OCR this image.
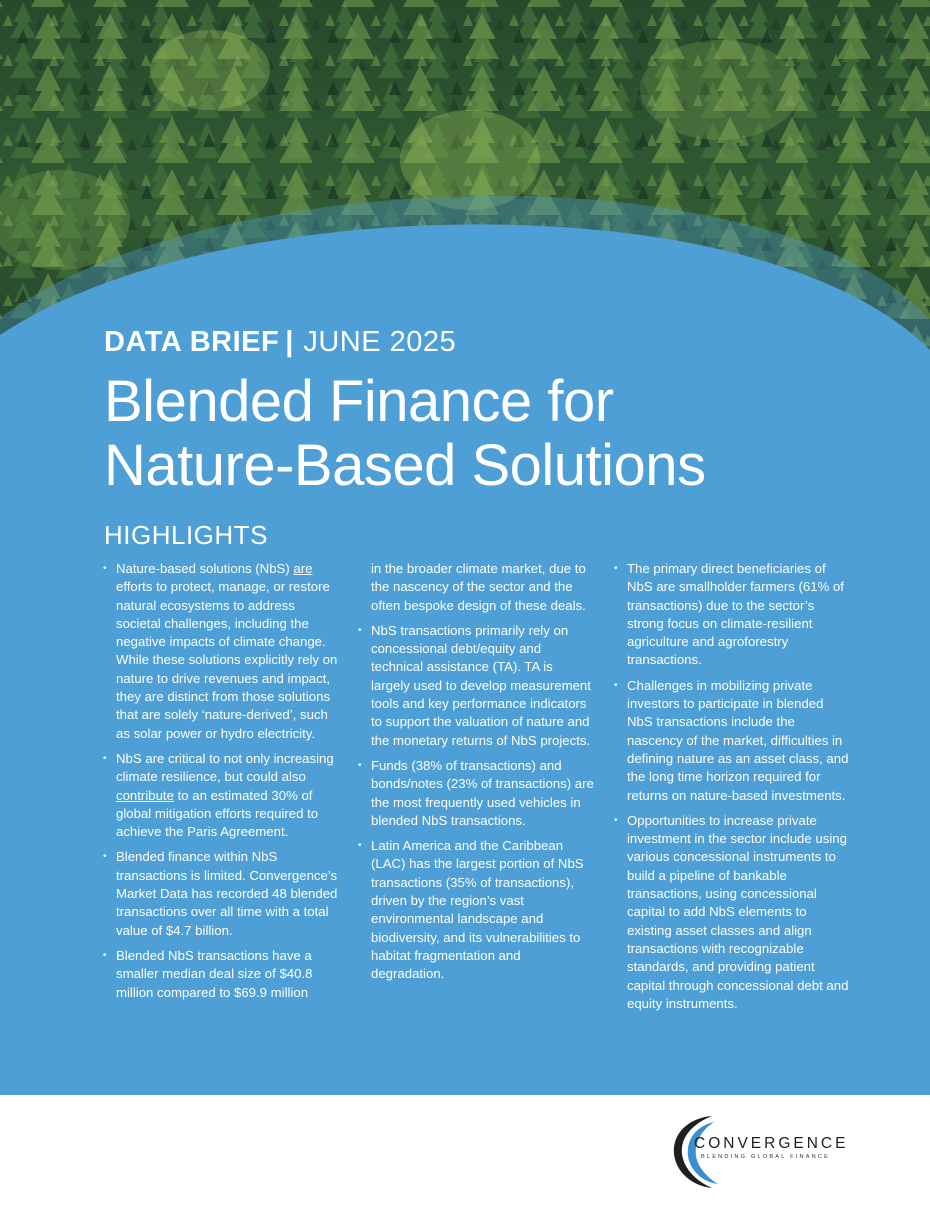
DATA BRIEF | JUNE 2025
Blended Finance for
Nature-Based Solutions
HIGHLIGHTS
• Nature-based solutions (NbS) are efforts to protect, manage, or restore natural ecosystems to address societal challenges, including the negative impacts of climate change. While these solutions explicitly rely on nature to drive revenues and impact, they are distinct from those solutions that are solely ‘nature-derived’, such as solar power or hydro electricity.
• NbS are critical to not only increasing climate resilience, but could also contribute to an estimated 30% of global mitigation efforts required to achieve the Paris Agreement.
• Blended finance within NbS transactions is limited. Convergence’s Market Data has recorded 48 blended transactions over all time with a total value of $4.7 billion.
• Blended NbS transactions have a smaller median deal size of $40.8 million compared to $69.9 million
in the broader climate market, due to the nascency of the sector and the often bespoke design of these deals.
• NbS transactions primarily rely on concessional debt/equity and technical assistance (TA). TA is largely used to develop measurement tools and key performance indicators to support the valuation of nature and the monetary returns of NbS projects.
• Funds (38% of transactions) and bonds/notes (23% of transactions) are the most frequently used vehicles in blended NbS transactions.
• Latin America and the Caribbean (LAC) has the largest portion of NbS transactions (35% of transactions), driven by the region’s vast environmental landscape and biodiversity, and its vulnerabilities to habitat fragmentation and degradation.
• The primary direct beneficiaries of NbS are smallholder farmers (61% of transactions) due to the sector’s strong focus on climate-resilient agriculture and agroforestry transactions.
• Challenges in mobilizing private investors to participate in blended NbS transactions include the nascency of the market, difficulties in defining nature as an asset class, and the long time horizon required for returns on nature-based investments.
• Opportunities to increase private investment in the sector include using various concessional instruments to build a pipeline of bankable transactions, using concessional capital to add NbS elements to existing asset classes and align transactions with recognizable standards, and providing patient capital through concessional debt and equity instruments.
CONVERGENCE
BLENDING GLOBAL FINANCE
